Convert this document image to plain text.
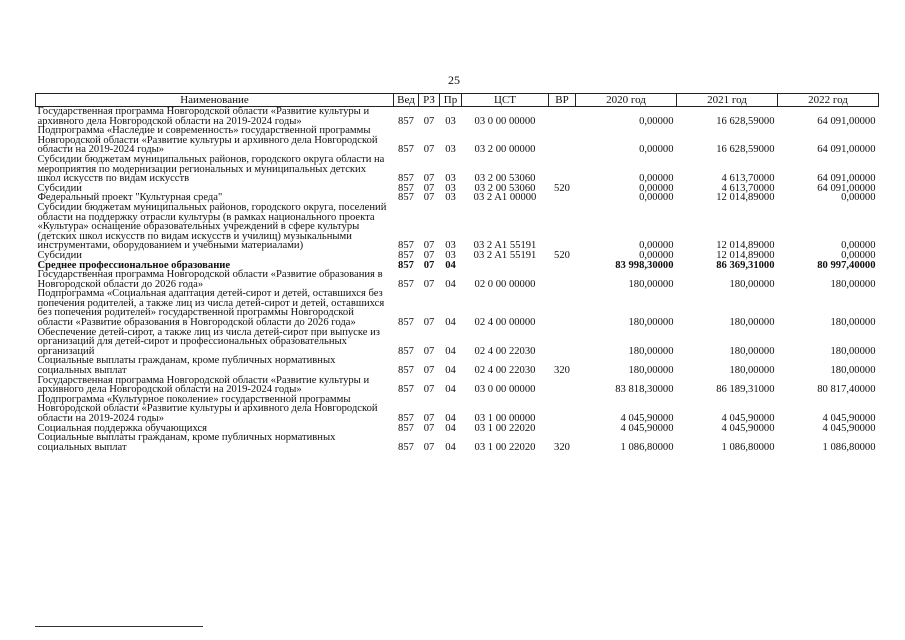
25
Наименование	Вед	РЗ	Пр	ЦСТ	ВР	2020 год	2021 год	2022 год
Государственная программа Новгородской области «Развитие культуры и архивного дела Новгородской области на 2019-2024 годы»	857	07	03	03 0 00 00000		0,00000	16 628,59000	64 091,00000
Подпрограмма «Наследие и современность» государственной программы Новгородской области «Развитие культуры и архивного дела Новгородской области на 2019-2024 годы»	857	07	03	03 2 00 00000		0,00000	16 628,59000	64 091,00000
Субсидии бюджетам муниципальных районов, городского округа области на мероприятия по модернизации региональных и муниципальных детских школ искусств по видам искусств	857	07	03	03 2 00 53060		0,00000	4 613,70000	64 091,00000
Субсидии	857	07	03	03 2 00 53060	520	0,00000	4 613,70000	64 091,00000
Федеральный проект "Культурная среда"	857	07	03	03 2 A1 00000		0,00000	12 014,89000	0,00000
Субсидии бюджетам муниципальных районов, городского округа, поселений области на поддержку отрасли культуры (в рамках национального проекта «Культура» оснащение образовательных учреждений в сфере культуры (детских школ искусств по видам искусств и училищ) музыкальными инструментами, оборудованием и учебными материалами)	857	07	03	03 2 A1 55191		0,00000	12 014,89000	0,00000
Субсидии	857	07	03	03 2 A1 55191	520	0,00000	12 014,89000	0,00000
Среднее профессиональное образование	857	07	04			83 998,30000	86 369,31000	80 997,40000
Государственная программа Новгородской области «Развитие образования в Новгородской области до 2026 года»	857	07	04	02 0 00 00000		180,00000	180,00000	180,00000
Подпрограмма «Социальная адаптация детей-сирот и детей, оставшихся без попечения родителей, а также лиц из числа детей-сирот и детей, оставшихся без попечения родителей» государственной программы Новгородской области «Развитие образования в Новгородской области до 2026 года»	857	07	04	02 4 00 00000		180,00000	180,00000	180,00000
Обеспечение детей-сирот, а также лиц из числа детей-сирот при выпуске из организаций для детей-сирот и профессиональных образовательных организаций	857	07	04	02 4 00 22030		180,00000	180,00000	180,00000
Социальные выплаты гражданам, кроме публичных нормативных социальных выплат	857	07	04	02 4 00 22030	320	180,00000	180,00000	180,00000
Государственная программа Новгородской области «Развитие культуры и архивного дела Новгородской области на 2019-2024 годы»	857	07	04	03 0 00 00000		83 818,30000	86 189,31000	80 817,40000
Подпрограмма «Культурное поколение» государственной программы Новгородской области «Развитие культуры и архивного дела Новгородской области на 2019-2024 годы»	857	07	04	03 1 00 00000		4 045,90000	4 045,90000	4 045,90000
Социальная поддержка обучающихся	857	07	04	03 1 00 22020		4 045,90000	4 045,90000	4 045,90000
Социальные выплаты гражданам, кроме публичных нормативных социальных выплат	857	07	04	03 1 00 22020	320	1 086,80000	1 086,80000	1 086,80000
